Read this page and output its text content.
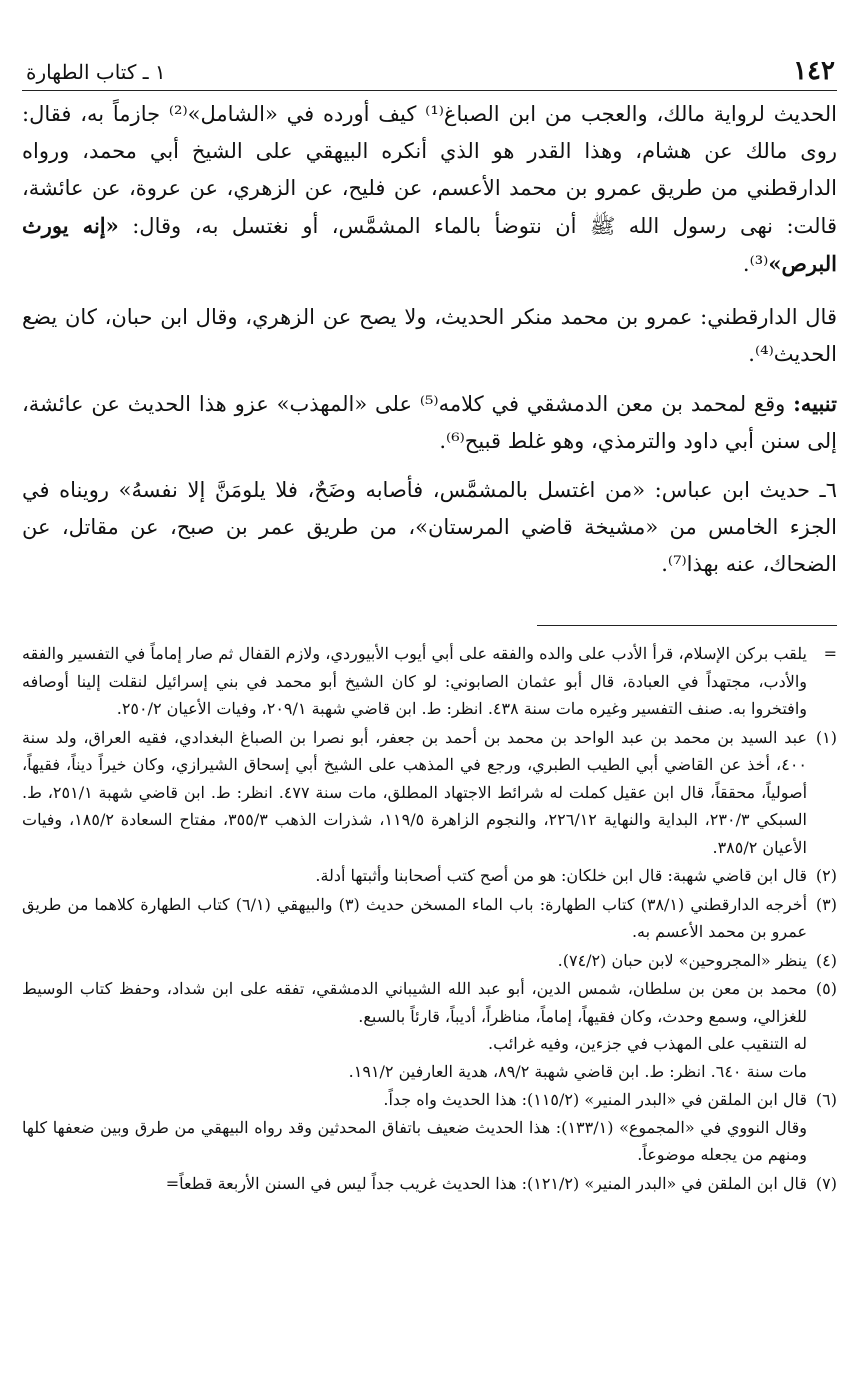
١٤٢
١ ـ كتاب الطهارة

الحديث لرواية مالك، والعجب من ابن الصباغ⁽¹⁾ كيف أورده في «الشامل»⁽²⁾ جازماً به، فقال: روى مالك عن هشام، وهذا القدر هو الذي أنكره البيهقي على الشيخ أبي محمد، ورواه الدارقطني من طريق عمرو بن محمد الأعسم، عن فليح، عن الزهري، عن عروة، عن عائشة، قالت: نهى رسول الله ﷺ أن نتوضأ بالماء المشمَّس، أو نغتسل به، وقال: «إنه يورث البرص»⁽³⁾.

قال الدارقطني: عمرو بن محمد منكر الحديث، ولا يصح عن الزهري، وقال ابن حبان، كان يضع الحديث⁽⁴⁾.

تنبيه: وقع لمحمد بن معن الدمشقي في كلامه⁽⁵⁾ على «المهذب» عزو هذا الحديث عن عائشة، إلى سنن أبي داود والترمذي، وهو غلط قبيح⁽⁶⁾.

٦ـ حديث ابن عباس: «من اغتسل بالمشمَّس، فأصابه وضَحٌ، فلا يلومَنَّ إلا نفسهُ» رويناه في الجزء الخامس من «مشيخة قاضي المرستان»، من طريق عمر بن صبح، عن مقاتل، عن الضحاك، عنه بهذا⁽⁷⁾.

=

يلقب بركن الإسلام، قرأ الأدب على والده والفقه على أبي أيوب الأبيوردي، ولازم القفال ثم صار إماماً في التفسير والفقه والأدب، مجتهداً في العبادة، قال أبو عثمان الصابوني: لو كان الشيخ أبو محمد في بني إسرائيل لنقلت إلينا أوصافه وافتخروا به. صنف التفسير وغيره مات سنة ٤٣٨. انظر: ط. ابن قاضي شهبة ٢٠٩/١، وفيات الأعيان ٢٥٠/٢.

(١)

عبد السيد بن محمد بن عبد الواحد بن محمد بن أحمد بن جعفر، أبو نصرا بن الصباغ البغدادي، فقيه العراق، ولد سنة ٤٠٠، أخذ عن القاضي أبي الطيب الطبري، ورجع في المذهب على الشيخ أبي إسحاق الشيرازي، وكان خيراً ديناً، فقيهاً، أصولياً، محققاً، قال ابن عقيل كملت له شرائط الاجتهاد المطلق، مات سنة ٤٧٧. انظر: ط. ابن قاضي شهبة ٢٥١/١، ط. السبكي ٢٣٠/٣، البداية والنهاية ٢٢٦/١٢، والنجوم الزاهرة ١١٩/٥، شذرات الذهب ٣٥٥/٣، مفتاح السعادة ١٨٥/٢، وفيات الأعيان ٣٨٥/٢.

(٢)

قال ابن قاضي شهبة: قال ابن خلكان: هو من أصح كتب أصحابنا وأثبتها أدلة.

(٣)

أخرجه الدارقطني (٣٨/١) كتاب الطهارة: باب الماء المسخن حديث (٣) والبيهقي (٦/١) كتاب الطهارة كلاهما من طريق عمرو بن محمد الأعسم به.

(٤)

ينظر «المجروحين» لابن حبان (٧٤/٢).

(٥)

محمد بن معن بن سلطان، شمس الدين، أبو عبد الله الشيباني الدمشقي، تفقه على ابن شداد، وحفظ كتاب الوسيط للغزالي، وسمع وحدث، وكان فقيهاً، إماماً، مناظراً، أديباً، قارئاً بالسبع.

له التنقيب على المهذب في جزءين، وفيه غرائب.

مات سنة ٦٤٠. انظر: ط. ابن قاضي شهبة ٨٩/٢، هدية العارفين ١٩١/٢.

(٦)

قال ابن الملقن في «البدر المنير» (١١٥/٢): هذا الحديث واه جداً.

وقال النووي في «المجموع» (١٣٣/١): هذا الحديث ضعيف باتفاق المحدثين وقد رواه البيهقي من طرق وبين ضعفها كلها ومنهم من يجعله موضوعاً.

(٧)

قال ابن الملقن في «البدر المنير» (١٢١/٢): هذا الحديث غريب جداً ليس في السنن الأربعة قطعاً=
